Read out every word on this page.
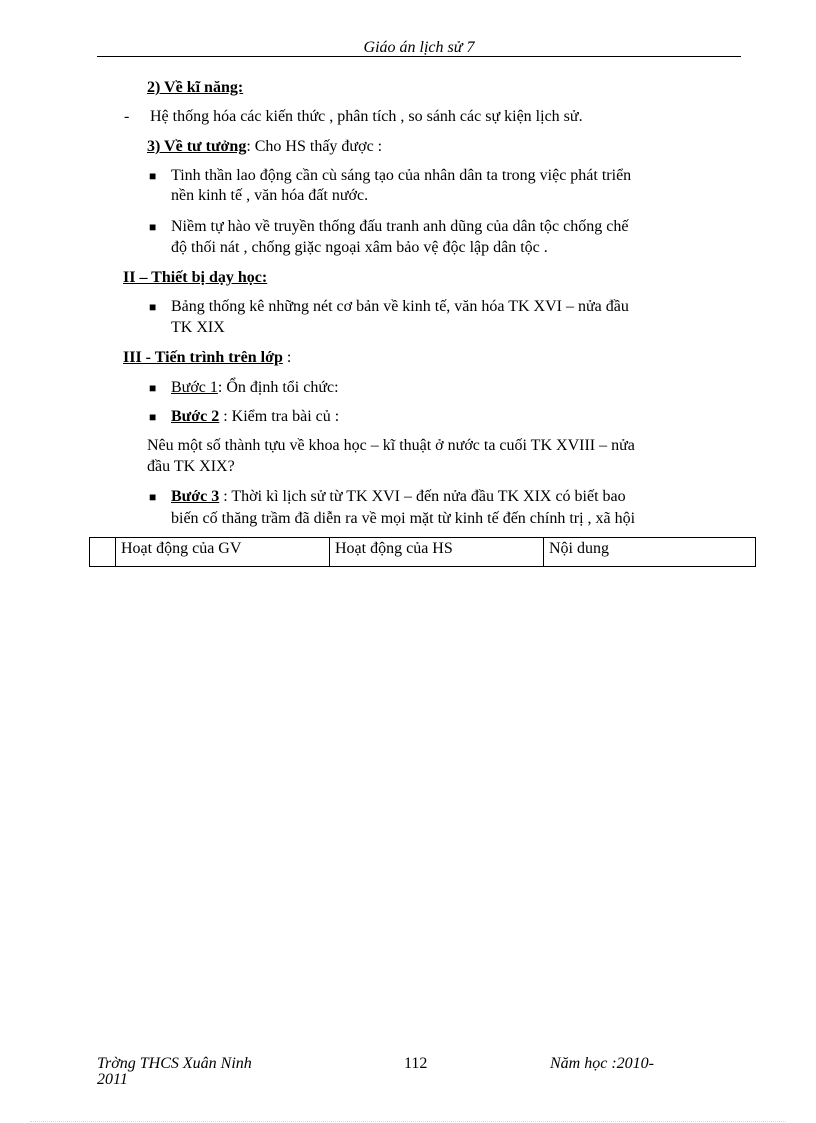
Giáo án lịch sử 7
2) Về kĩ năng:
- Hệ thống hóa các kiến thức , phân tích , so sánh các sự kiện lịch sử.
3) Về tư tưởng: Cho HS thấy được :
■ Tinh thần lao động cần cù sáng tạo của nhân dân ta trong việc phát triển
nền kinh tế , văn hóa đất nước.
■ Niềm tự hào về truyền thống đấu tranh anh dũng của dân tộc chống chế
độ thối nát , chống giặc ngoại xâm bảo vệ độc lập dân tộc .
II – Thiết bị dạy học:
■ Bảng thống kê những nét cơ bản về kinh tế, văn hóa TK XVI – nửa đầu
TK XIX
III - Tiến trình trên lớp :
■ Bước 1: Ổn định tổi chức:
■ Bước 2 : Kiểm tra bài củ :
Nêu một số thành tựu về khoa học – kĩ thuật ở nước ta cuối TK XVIII – nửa
đầu TK XIX?
■ Bước 3 : Thời kì lịch sử từ TK XVI – đến nửa đầu TK XIX có biết bao
biến cố thăng trầm đã diễn ra về mọi mặt từ kinh tế đến chính trị , xã hội
	Hoạt động của GV	Hoạt động của HS	Nội dung
Trờng THCS Xuân Ninh
2011
112	Năm học :2010-
